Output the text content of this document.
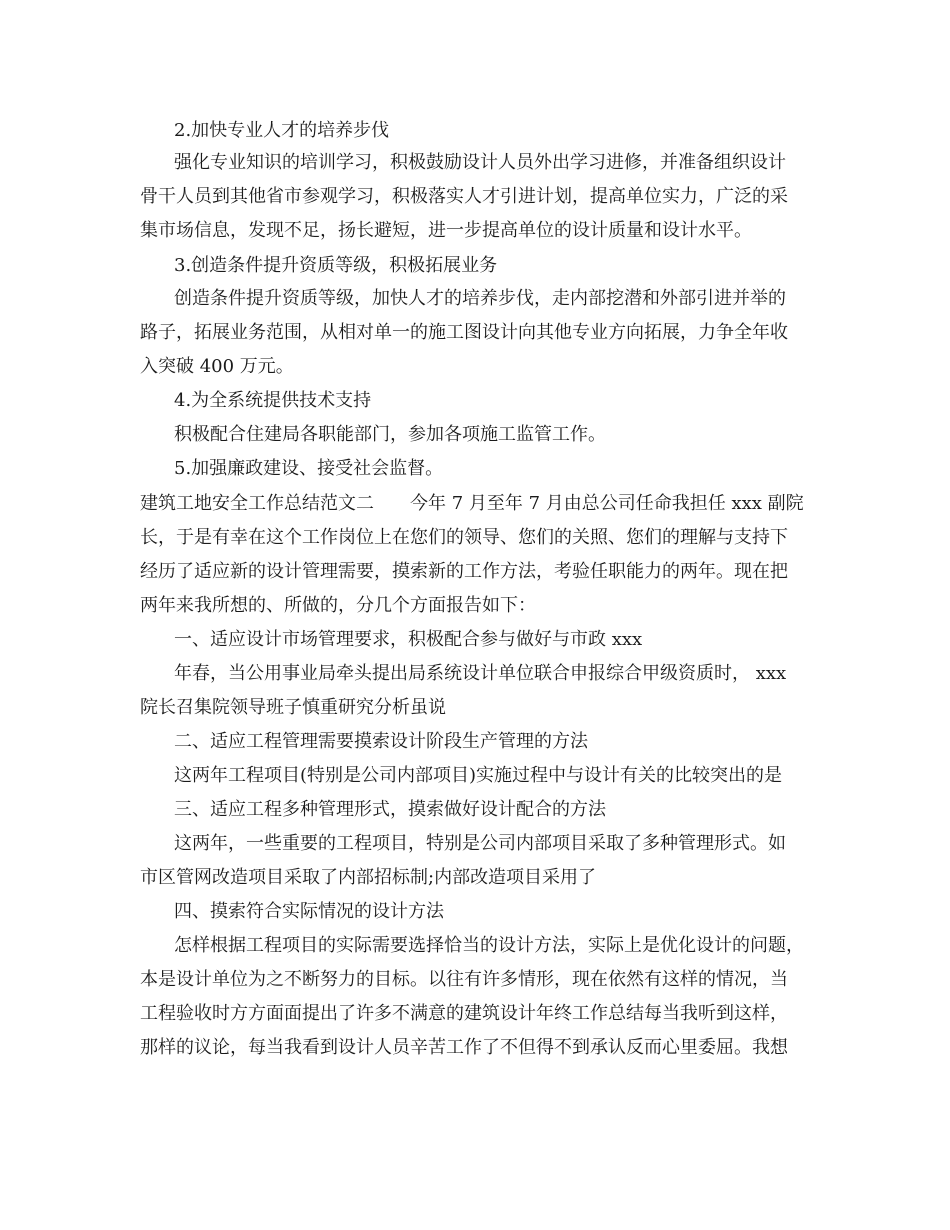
2.加快专业人才的培养步伐
强化专业知识的培训学习，积极鼓励设计人员外出学习进修，并准备组织设计
骨干人员到其他省市参观学习，积极落实人才引进计划，提高单位实力，广泛的采
集市场信息，发现不足，扬长避短，进一步提高单位的设计质量和设计水平。
3.创造条件提升资质等级，积极拓展业务
创造条件提升资质等级，加快人才的培养步伐，走内部挖潜和外部引进并举的
路子，拓展业务范围，从相对单一的施工图设计向其他专业方向拓展，力争全年收
入突破 400 万元。
4.为全系统提供技术支持
积极配合住建局各职能部门，参加各项施工监管工作。
5.加强廉政建设、接受社会监督。
建筑工地安全工作总结范文二　　今年 7 月至年 7 月由总公司任命我担任 xxx 副院
长，于是有幸在这个工作岗位上在您们的领导、您们的关照、您们的理解与支持下
经历了适应新的设计管理需要，摸索新的工作方法，考验任职能力的两年。现在把
两年来我所想的、所做的，分几个方面报告如下：
一、适应设计市场管理要求，积极配合参与做好与市政 xxx
年春，当公用事业局牵头提出局系统设计单位联合申报综合甲级资质时， xxx
院长召集院领导班子慎重研究分析虽说
二、适应工程管理需要摸索设计阶段生产管理的方法
这两年工程项目(特别是公司内部项目)实施过程中与设计有关的比较突出的是
三、适应工程多种管理形式，摸索做好设计配合的方法
这两年，一些重要的工程项目，特别是公司内部项目采取了多种管理形式。如
市区管网改造项目采取了内部招标制;内部改造项目采用了
四、摸索符合实际情况的设计方法
怎样根据工程项目的实际需要选择恰当的设计方法，实际上是优化设计的问题，
本是设计单位为之不断努力的目标。以往有许多情形，现在依然有这样的情况，当
工程验收时方方面面提出了许多不满意的建筑设计年终工作总结每当我听到这样，
那样的议论，每当我看到设计人员辛苦工作了不但得不到承认反而心里委屈。我想
